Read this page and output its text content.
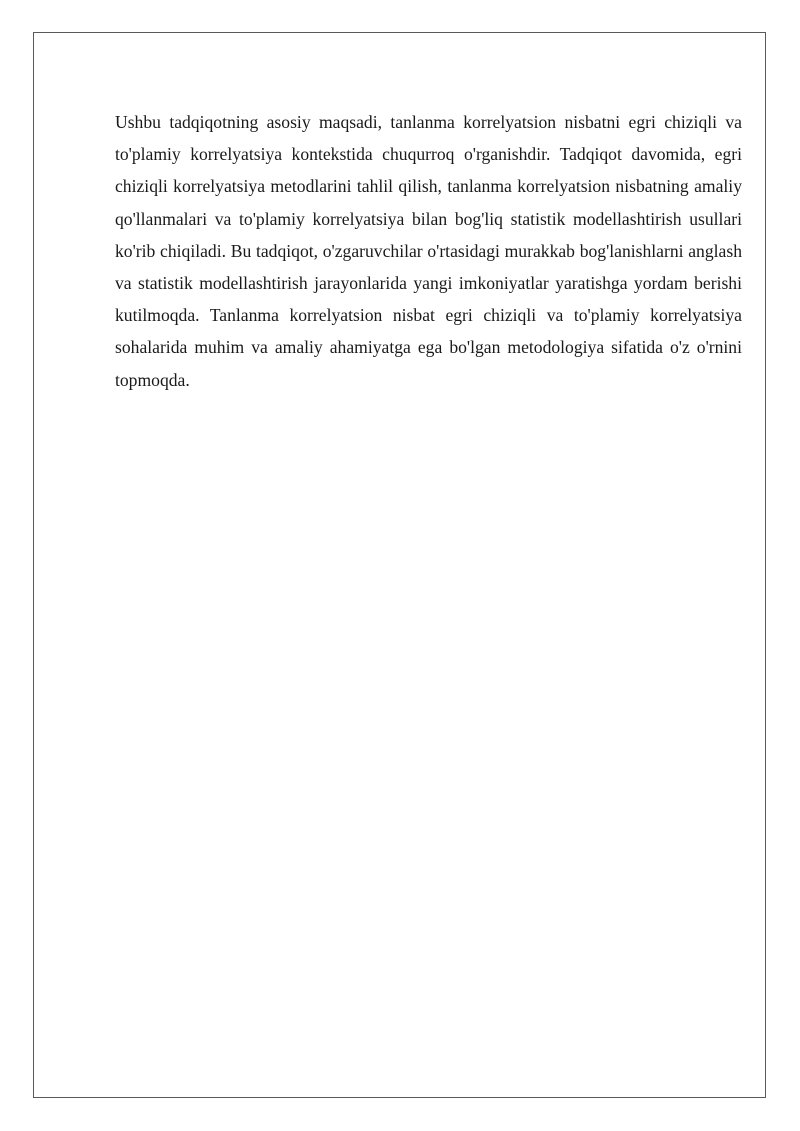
Ushbu tadqiqotning asosiy maqsadi, tanlanma korrelyatsion nisbatni egri chiziqli va to'plamiy korrelyatsiya kontekstida chuqurroq o'rganishdir. Tadqiqot davomida, egri chiziqli korrelyatsiya metodlarini tahlil qilish, tanlanma korrelyatsion nisbatning amaliy qo'llanmalari va to'plamiy korrelyatsiya bilan bog'liq statistik modellashtirish usullari ko'rib chiqiladi. Bu tadqiqot, o'zgaruvchilar o'rtasidagi murakkab bog'lanishlarni anglash va statistik modellashtirish jarayonlarida yangi imkoniyatlar yaratishga yordam berishi kutilmoqda. Tanlanma korrelyatsion nisbat egri chiziqli va to'plamiy korrelyatsiya sohalarida muhim va amaliy ahamiyatga ega bo'lgan metodologiya sifatida o'z o'rnini topmoqda.
